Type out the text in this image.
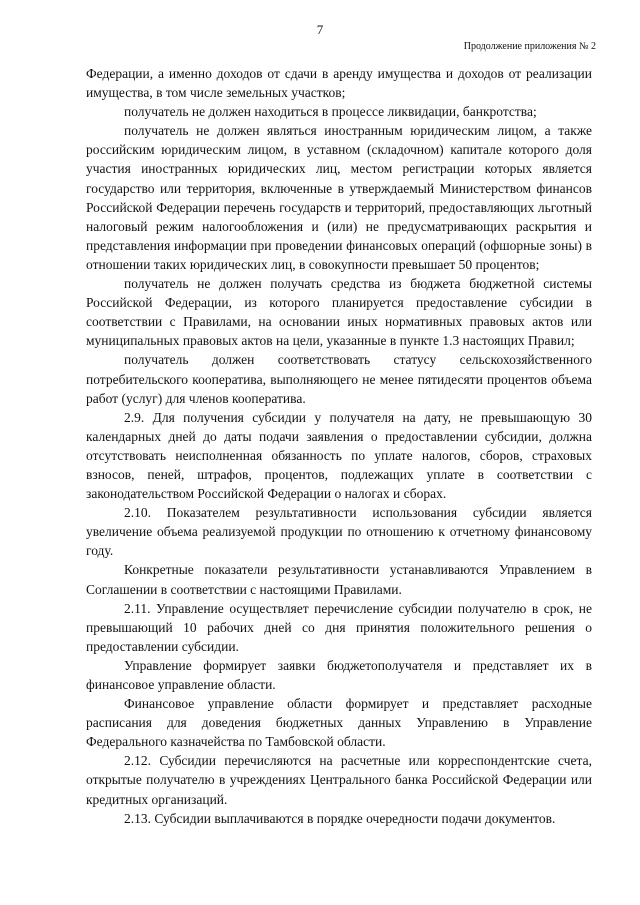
7
Продолжение приложения № 2

Федерации, а именно доходов от сдачи в аренду имущества и доходов от реализации имущества, в том числе земельных участков;

получатель не должен находиться в процессе ликвидации, банкротства;

получатель не должен являться иностранным юридическим лицом, а также российским юридическим лицом, в уставном (складочном) капитале которого доля участия иностранных юридических лиц, местом регистрации которых является государство или территория, включенные в утверждаемый Министерством финансов Российской Федерации перечень государств и территорий, предоставляющих льготный налоговый режим налогообложения и (или) не предусматривающих раскрытия и представления информации при проведении финансовых операций (офшорные зоны) в отношении таких юридических лиц, в совокупности превышает 50 процентов;

получатель не должен получать средства из бюджета бюджетной системы Российской Федерации, из которого планируется предоставление субсидии в соответствии с Правилами, на основании иных нормативных правовых актов или муниципальных правовых актов на цели, указанные в пункте 1.3 настоящих Правил;

получатель должен соответствовать статусу сельскохозяйственного потребительского кооператива, выполняющего не менее пятидесяти процентов объема работ (услуг) для членов кооператива.

2.9. Для получения субсидии у получателя на дату, не превышающую 30 календарных дней до даты подачи заявления о предоставлении субсидии, должна отсутствовать неисполненная обязанность по уплате налогов, сборов, страховых взносов, пеней, штрафов, процентов, подлежащих уплате в соответствии с законодательством Российской Федерации о налогах и сборах.

2.10. Показателем результативности использования субсидии является увеличение объема реализуемой продукции по отношению к отчетному финансовому году.

Конкретные показатели результативности устанавливаются Управлением в Соглашении в соответствии с настоящими Правилами.

2.11. Управление осуществляет перечисление субсидии получателю в срок, не превышающий 10 рабочих дней со дня принятия положительного решения о предоставлении субсидии.

Управление формирует заявки бюджетополучателя и представляет их в финансовое управление области.

Финансовое управление области формирует и представляет расходные расписания для доведения бюджетных данных Управлению в Управление Федерального казначейства по Тамбовской области.

2.12. Субсидии перечисляются на расчетные или корреспондентские счета, открытые получателю в учреждениях Центрального банка Российской Федерации или кредитных организаций.

2.13. Субсидии выплачиваются в порядке очередности подачи документов.
